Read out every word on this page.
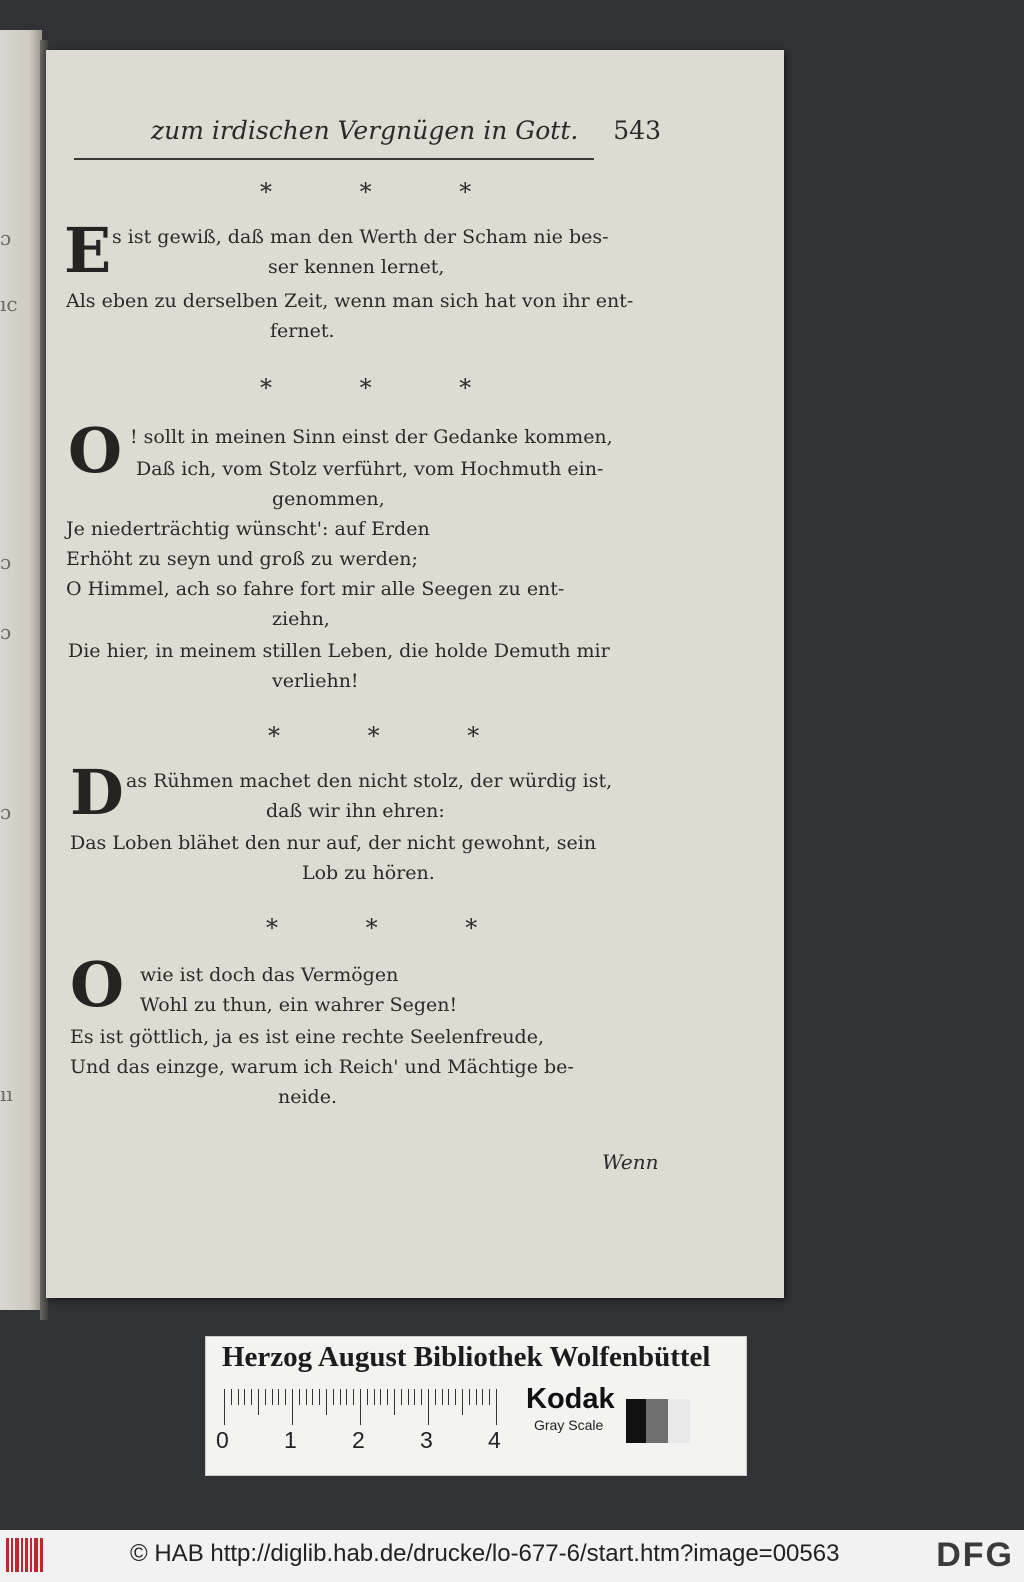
ɔ
ıc
ɔ
ɔ
ɔ
ıı
zum irdischen Vergnügen in Gott. 543
* * *
E s ist gewiß, daß man den Werth der Scham nie bes-
ser kennen lernet,
Als eben zu derselben Zeit, wenn man sich hat von ihr ent-
fernet.
* * *
O ! sollt in meinen Sinn einst der Gedanke kommen,
Daß ich, vom Stolz verführt, vom Hochmuth ein-
genommen,
Je niederträchtig wünscht': auf Erden
Erhöht zu seyn und groß zu werden;
O Himmel, ach so fahre fort mir alle Seegen zu ent-
ziehn,
Die hier, in meinem stillen Leben, die holde Demuth mir
verliehn!
* * *
D as Rühmen machet den nicht stolz, der würdig ist,
daß wir ihn ehren:
Das Loben blähet den nur auf, der nicht gewohnt, sein
Lob zu hören.
* * *
O wie ist doch das Vermögen
Wohl zu thun, ein wahrer Segen!
Es ist göttlich, ja es ist eine rechte Seelenfreude,
Und das einzge, warum ich Reich' und Mächtige be-
neide.
Wenn
Herzog August Bibliothek Wolfenbüttel
0 1 2 3 4
Kodak
Gray Scale
© HAB http://diglib.hab.de/drucke/lo-677-6/start.htm?image=00563	DFG
